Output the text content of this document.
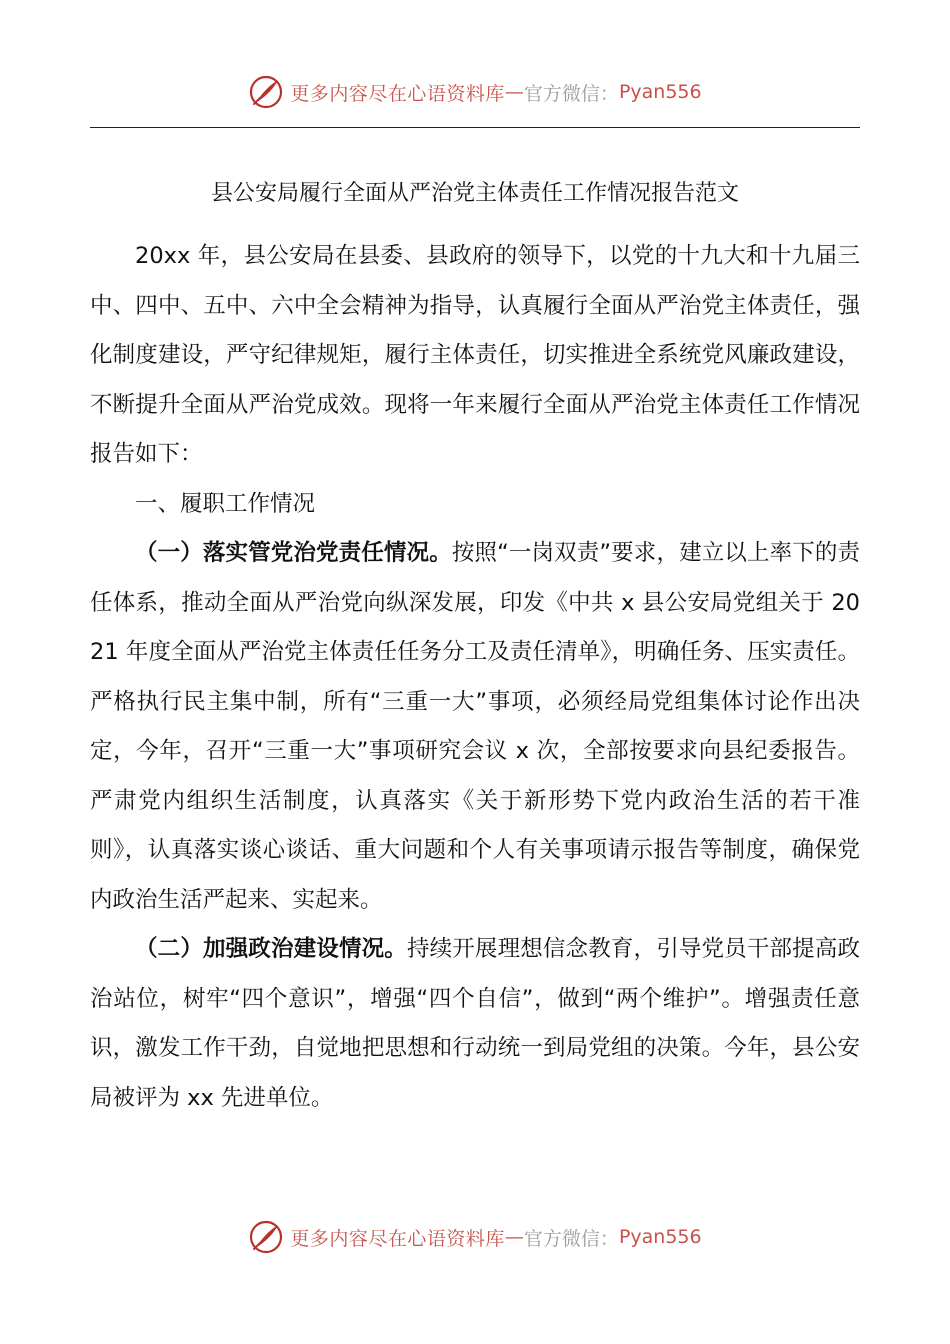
更多内容尽在心语资料库 — 官方微信： Pyan556
县公安局履行全面从严治党主体责任工作情况报告范文

20xx 年，县公安局在县委、县政府的领导下，以党的十九大和十九届三中、四中、五中、六中全会精神为指导，认真履行全面从严治党主体责任，强化制度建设，严守纪律规矩，履行主体责任，切实推进全系统党风廉政建设，不断提升全面从严治党成效。现将一年来履行全面从严治党主体责任工作情况报告如下：

一、履职工作情况

（一）落实管党治党责任情况。按照“一岗双责”要求，建立以上率下的责任体系，推动全面从严治党向纵深发展，印发《中共 x 县公安局党组关于 2021 年度全面从严治党主体责任任务分工及责任清单》，明确任务、压实责任。严格执行民主集中制，所有“三重一大”事项，必须经局党组集体讨论作出决定，今年，召开“三重一大”事项研究会议 x 次，全部按要求向县纪委报告。严肃党内组织生活制度，认真落实《关于新形势下党内政治生活的若干准则》，认真落实谈心谈话、重大问题和个人有关事项请示报告等制度，确保党内政治生活严起来、实起来。

（二）加强政治建设情况。持续开展理想信念教育，引导党员干部提高政治站位，树牢“四个意识”，增强“四个自信”，做到“两个维护”。增强责任意识，激发工作干劲，自觉地把思想和行动统一到局党组的决策。今年，县公安局被评为 xx 先进单位。

更多内容尽在心语资料库 — 官方微信： Pyan556
